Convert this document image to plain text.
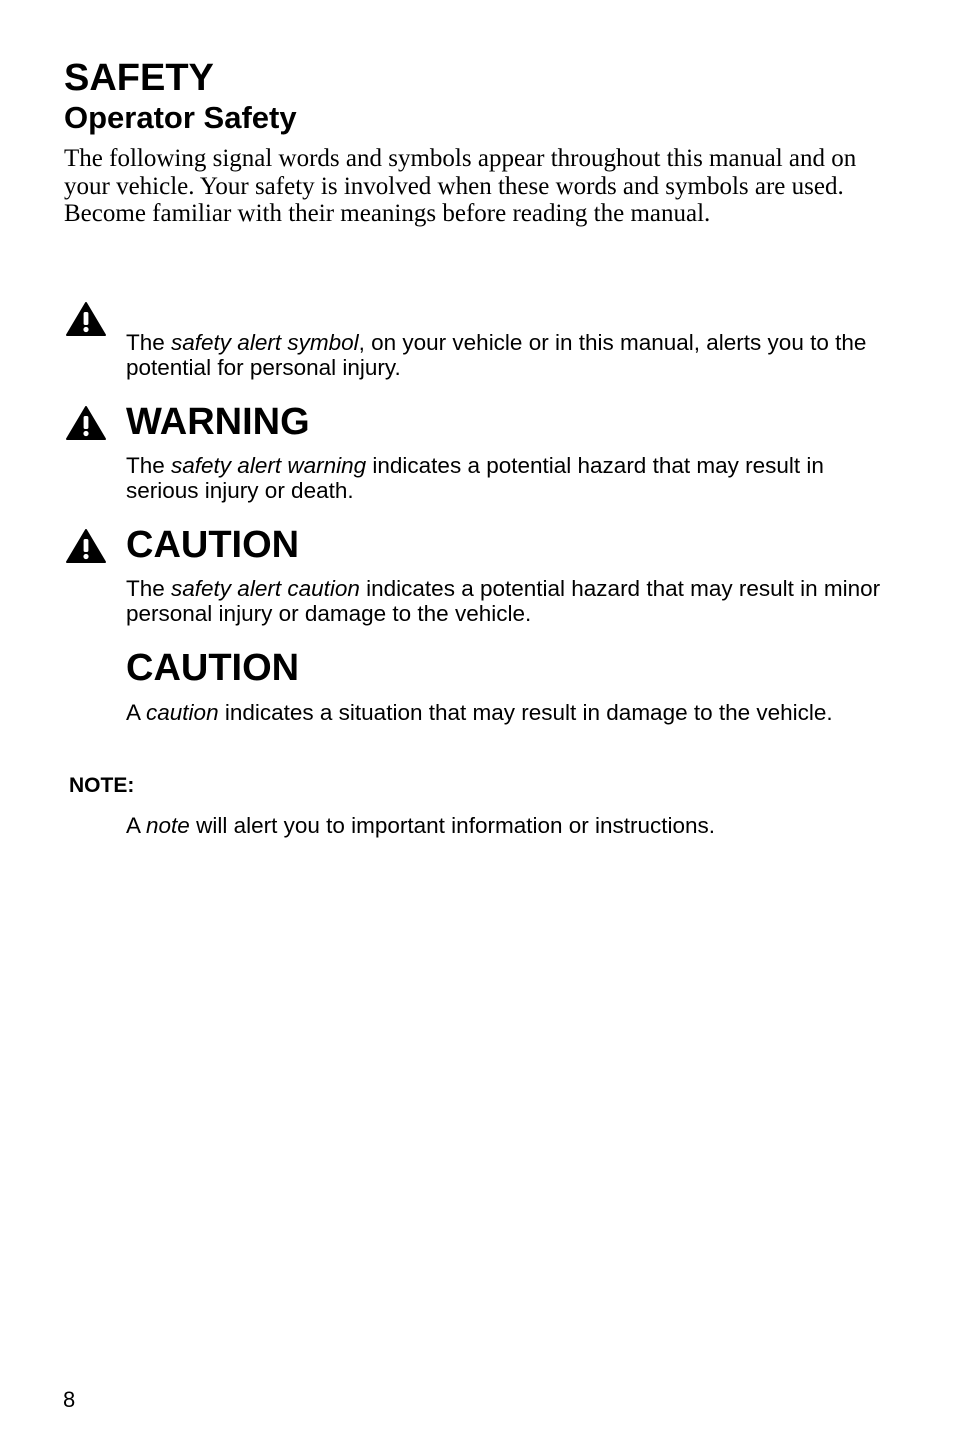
SAFETY
Operator Safety

The following signal words and symbols appear throughout this manual and on your vehicle. Your safety is involved when these words and symbols are used. Become familiar with their meanings before reading the manual.

The safety alert symbol, on your vehicle or in this manual, alerts you to the potential for personal injury.

WARNING

The safety alert warning indicates a potential hazard that may result in serious injury or death.

CAUTION

The safety alert caution indicates a potential hazard that may result in minor personal injury or damage to the vehicle.

CAUTION

A caution indicates a situation that may result in damage to the vehicle.

NOTE:

A note will alert you to important information or instructions.

8
